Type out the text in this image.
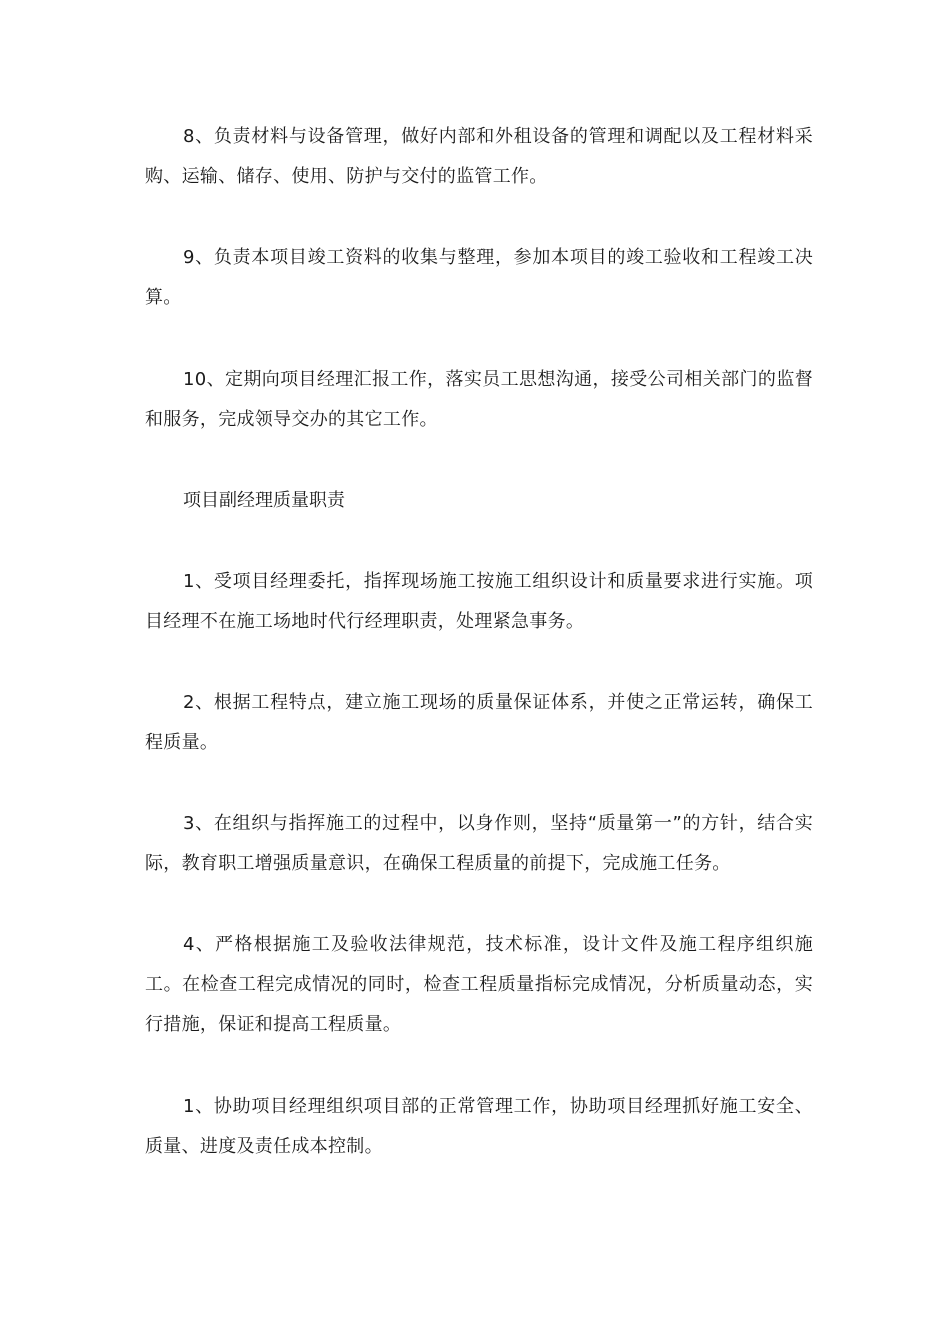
8、负责材料与设备管理，做好内部和外租设备的管理和调配以及工程材料采购、运输、储存、使用、防护与交付的监管工作。

9、负责本项目竣工资料的收集与整理，参加本项目的竣工验收和工程竣工决算。

10、定期向项目经理汇报工作，落实员工思想沟通，接受公司相关部门的监督和服务，完成领导交办的其它工作。

项目副经理质量职责

1、受项目经理委托，指挥现场施工按施工组织设计和质量要求进行实施。项目经理不在施工场地时代行经理职责，处理紧急事务。

2、根据工程特点，建立施工现场的质量保证体系，并使之正常运转，确保工程质量。

3、在组织与指挥施工的过程中，以身作则，坚持“质量第一”的方针，结合实际，教育职工增强质量意识，在确保工程质量的前提下，完成施工任务。

4、严格根据施工及验收法律规范，技术标准，设计文件及施工程序组织施工。在检查工程完成情况的同时，检查工程质量指标完成情况，分析质量动态，实行措施，保证和提高工程质量。

1、协助项目经理组织项目部的正常管理工作，协助项目经理抓好施工安全、质量、进度及责任成本控制。
